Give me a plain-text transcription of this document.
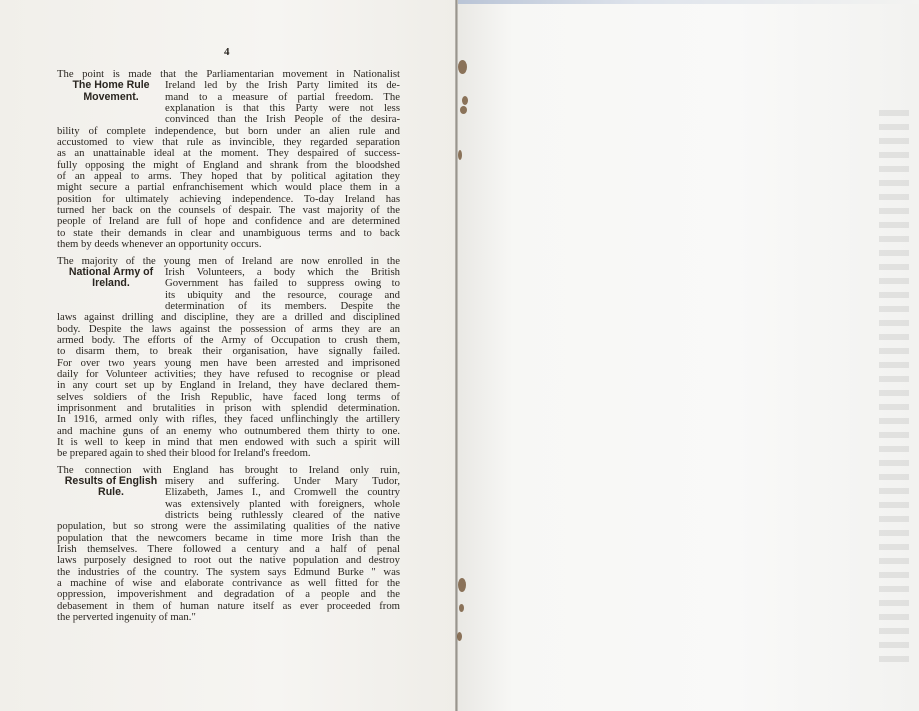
4

The point is made that the Parliamentarian movement in Nationalist
The Home Rule
Movement.
Ireland led by the Irish Party limited its de-
mand to a measure of partial freedom. The
explanation is that this Party were not less
convinced than the Irish People of the desira-
bility of complete independence, but born under an alien rule and
accustomed to view that rule as invincible, they regarded separation
as an unattainable ideal at the moment. They despaired of success-
fully opposing the might of England and shrank from the bloodshed
of an appeal to arms. They hoped that by political agitation they
might secure a partial enfranchisement which would place them in a
position for ultimately achieving independence. To-day Ireland has
turned her back on the counsels of despair. The vast majority of the
people of Ireland are full of hope and confidence and are determined
to state their demands in clear and unambiguous terms and to back
them by deeds whenever an opportunity occurs.

The majority of the young men of Ireland are now enrolled in the
National Army of
Ireland.
Irish Volunteers, a body which the British
Government has failed to suppress owing to
its ubiquity and the resource, courage and
determination of its members. Despite the
laws against drilling and discipline, they are a drilled and disciplined
body. Despite the laws against the possession of arms they are an
armed body. The efforts of the Army of Occupation to crush them,
to disarm them, to break their organisation, have signally failed.
For over two years young men have been arrested and imprisoned
daily for Volunteer activities; they have refused to recognise or plead
in any court set up by England in Ireland, they have declared them-
selves soldiers of the Irish Republic, have faced long terms of
imprisonment and brutalities in prison with splendid determination.
In 1916, armed only with rifles, they faced unflinchingly the artillery
and machine guns of an enemy who outnumbered them thirty to one.
It is well to keep in mind that men endowed with such a spirit will
be prepared again to shed their blood for Ireland's freedom.

The connection with England has brought to Ireland only ruin,
Results of English
Rule.
misery and suffering. Under Mary Tudor,
Elizabeth, James I., and Cromwell the country
was extensively planted with foreigners, whole
districts being ruthlessly cleared of the native
population, but so strong were the assimilating qualities of the native
population that the newcomers became in time more Irish than the
Irish themselves. There followed a century and a half of penal
laws purposely designed to root out the native population and destroy
the industries of the country. The system says Edmund Burke " was
a machine of wise and elaborate contrivance as well fitted for the
oppression, impoverishment and degradation of a people and the
debasement in them of human nature itself as ever proceeded from
the perverted ingenuity of man."
